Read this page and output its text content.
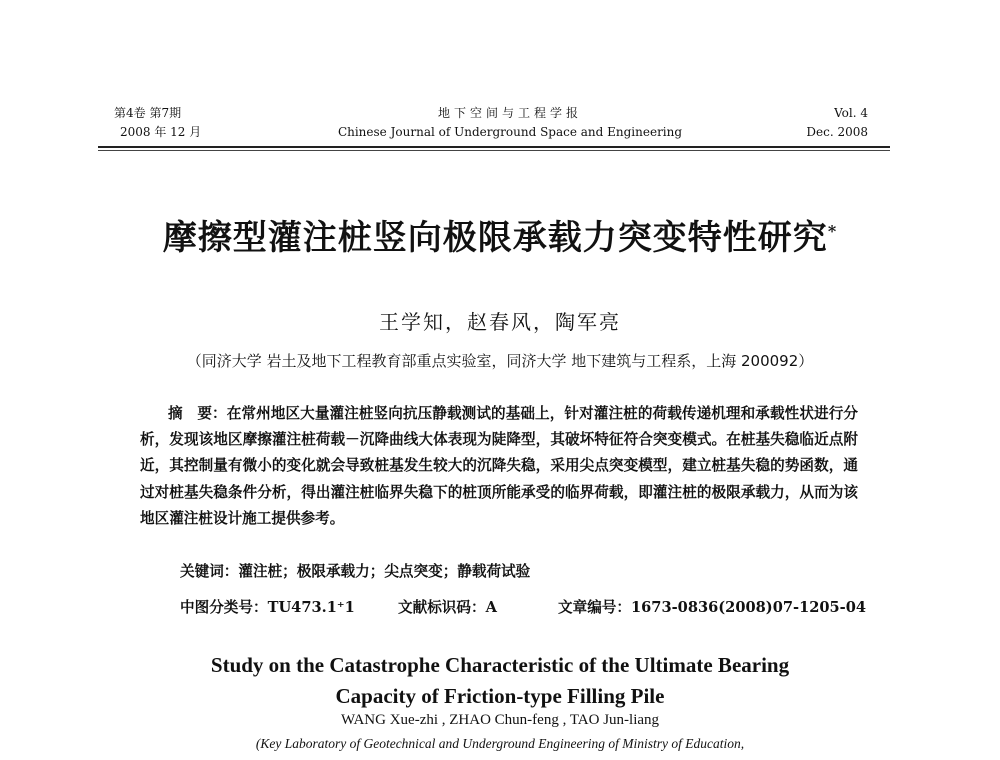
第4卷 第7期
2008 年 12 月
地下空间与工程学报
Chinese Journal of Underground Space and Engineering
Vol. 4
Dec. 2008
摩擦型灌注桩竖向极限承载力突变特性研究*
王学知，赵春风，陶军亮
（同济大学 岩土及地下工程教育部重点实验室，同济大学 地下建筑与工程系，上海 200092）
摘　要：在常州地区大量灌注桩竖向抗压静载测试的基础上，针对灌注桩的荷载传递机理和承载性状进行分析，发现该地区摩擦灌注桩荷载－沉降曲线大体表现为陡降型，其破坏特征符合突变模式。在桩基失稳临近点附近，其控制量有微小的变化就会导致桩基发生较大的沉降失稳，采用尖点突变模型，建立桩基失稳的势函数，通过对桩基失稳条件分析，得出灌注桩临界失稳下的桩顶所能承受的临界荷载，即灌注桩的极限承载力，从而为该地区灌注桩设计施工提供参考。
关键词：灌注桩；极限承载力；尖点突变；静载荷试验
中图分类号：TU473.1⁺1	文献标识码：A	文章编号：1673-0836(2008)07-1205-04
Study on the Catastrophe Characteristic of the Ultimate Bearing
Capacity of Friction-type Filling Pile
WANG Xue-zhi , ZHAO Chun-feng , TAO Jun-liang
(Key Laboratory of Geotechnical and Underground Engineering of Ministry of Education,
